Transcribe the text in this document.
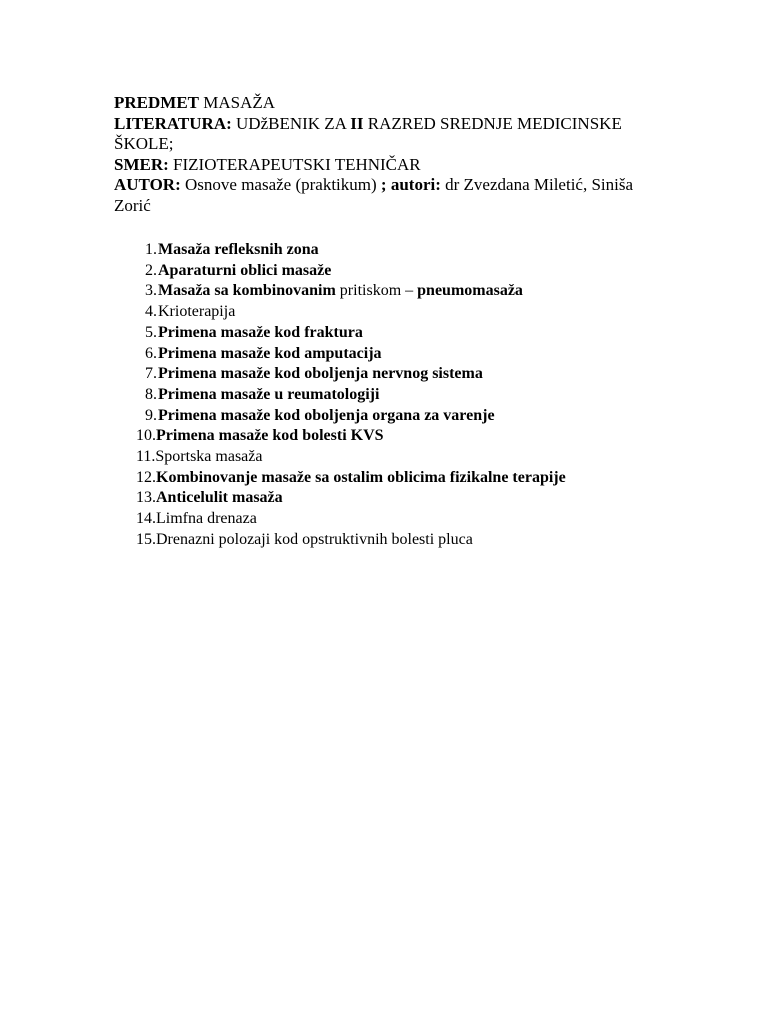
PREDMET MASAŽA
LITERATURA: UDžBENIK ZA II RAZRED SREDNJE MEDICINSKE ŠKOLE;
SMER: FIZIOTERAPEUTSKI TEHNIČAR
AUTOR: Osnove masaže (praktikum) ; autori: dr Zvezdana Miletić, Siniša Zorić
1. Masaža refleksnih zona
2. Aparaturni oblici masaže
3. Masaža sa kombinovanim pritiskom – pneumomasaža
4. Krioterapija
5. Primena masaže kod fraktura
6. Primena masaže kod amputacija
7. Primena masaže kod oboljenja nervnog sistema
8. Primena masaže u reumatologiji
9. Primena masaže kod oboljenja organa za varenje
10. Primena masaže kod bolesti KVS
11. Sportska masaža
12. Kombinovanje masaže sa ostalim oblicima fizikalne terapije
13. Anticelulit masaža
14. Limfna drenaza
15. Drenazni polozaji kod opstruktivnih bolesti pluca
